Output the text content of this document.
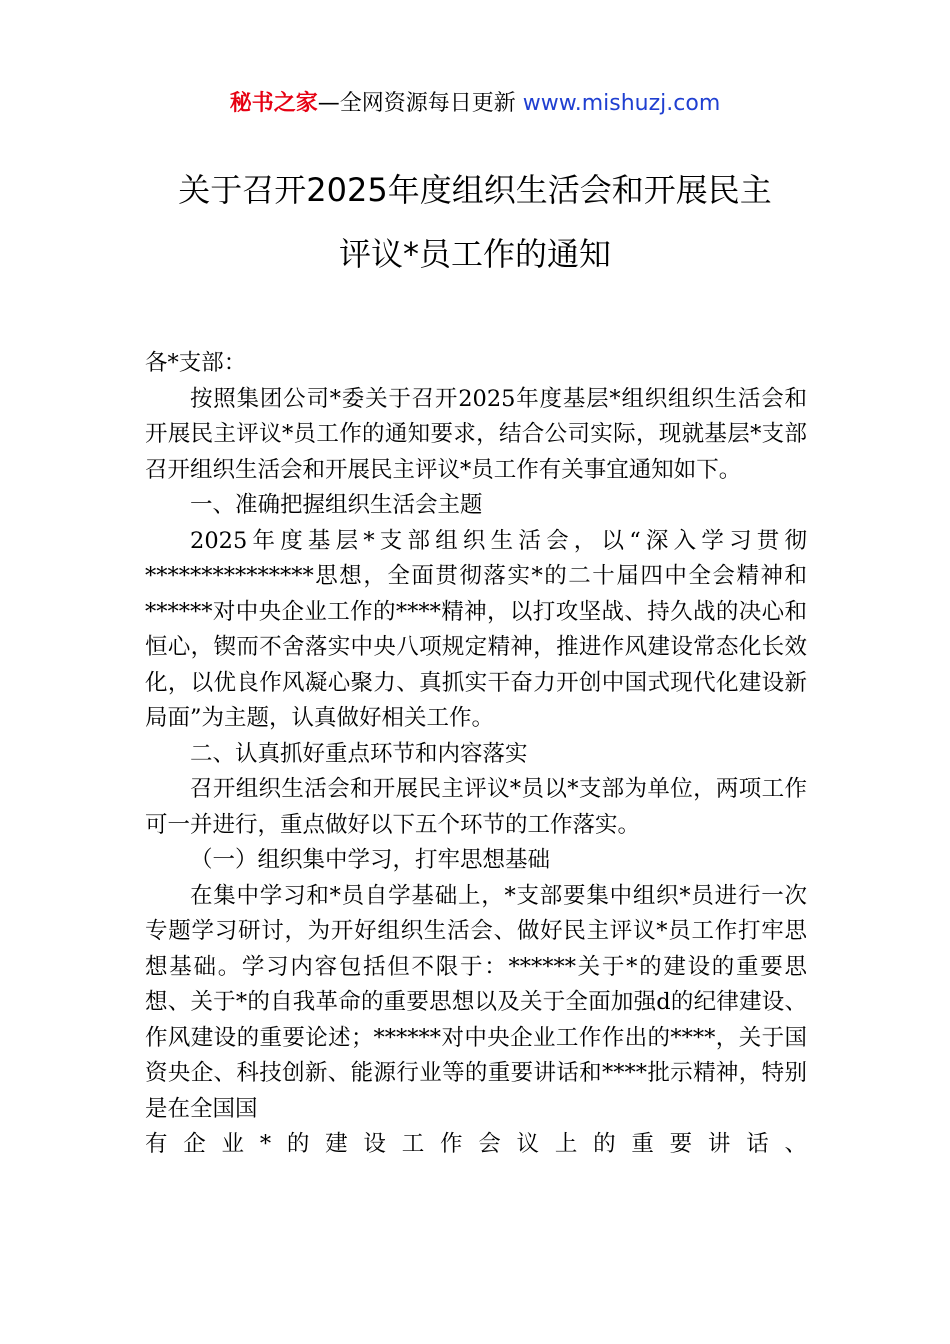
秘书之家—全网资源每日更新 www.mishuzj.com
关于召开2025年度组织生活会和开展民主
评议*员工作的通知

各*支部：

按照集团公司*委关于召开2025年度基层*组织组织生活会和开展民主评议*员工作的通知要求，结合公司实际，现就基层*支部召开组织生活会和开展民主评议*员工作有关事宜通知如下。

一、准确把握组织生活会主题

2025年度基层*支部组织生活会，以“深入学习贯彻***************思想，全面贯彻落实*的二十届四中全会精神和******对中央企业工作的****精神，以打攻坚战、持久战的决心和恒心，锲而不舍落实中央八项规定精神，推进作风建设常态化长效化，以优良作风凝心聚力、真抓实干奋力开创中国式现代化建设新局面”为主题，认真做好相关工作。

二、认真抓好重点环节和内容落实

召开组织生活会和开展民主评议*员以*支部为单位，两项工作可一并进行，重点做好以下五个环节的工作落实。

（一）组织集中学习，打牢思想基础

在集中学习和*员自学基础上，*支部要集中组织*员进行一次专题学习研讨，为开好组织生活会、做好民主评议*员工作打牢思想基础。学习内容包括但不限于：******关于*的建设的重要思想、关于*的自我革命的重要思想以及关于全面加强d的纪律建设、作风建设的重要论述；******对中央企业工作作出的****，关于国资央企、科技创新、能源行业等的重要讲话和****批示精神，特别是在全国国

有企业*的建设工作会议上的重要讲话、
